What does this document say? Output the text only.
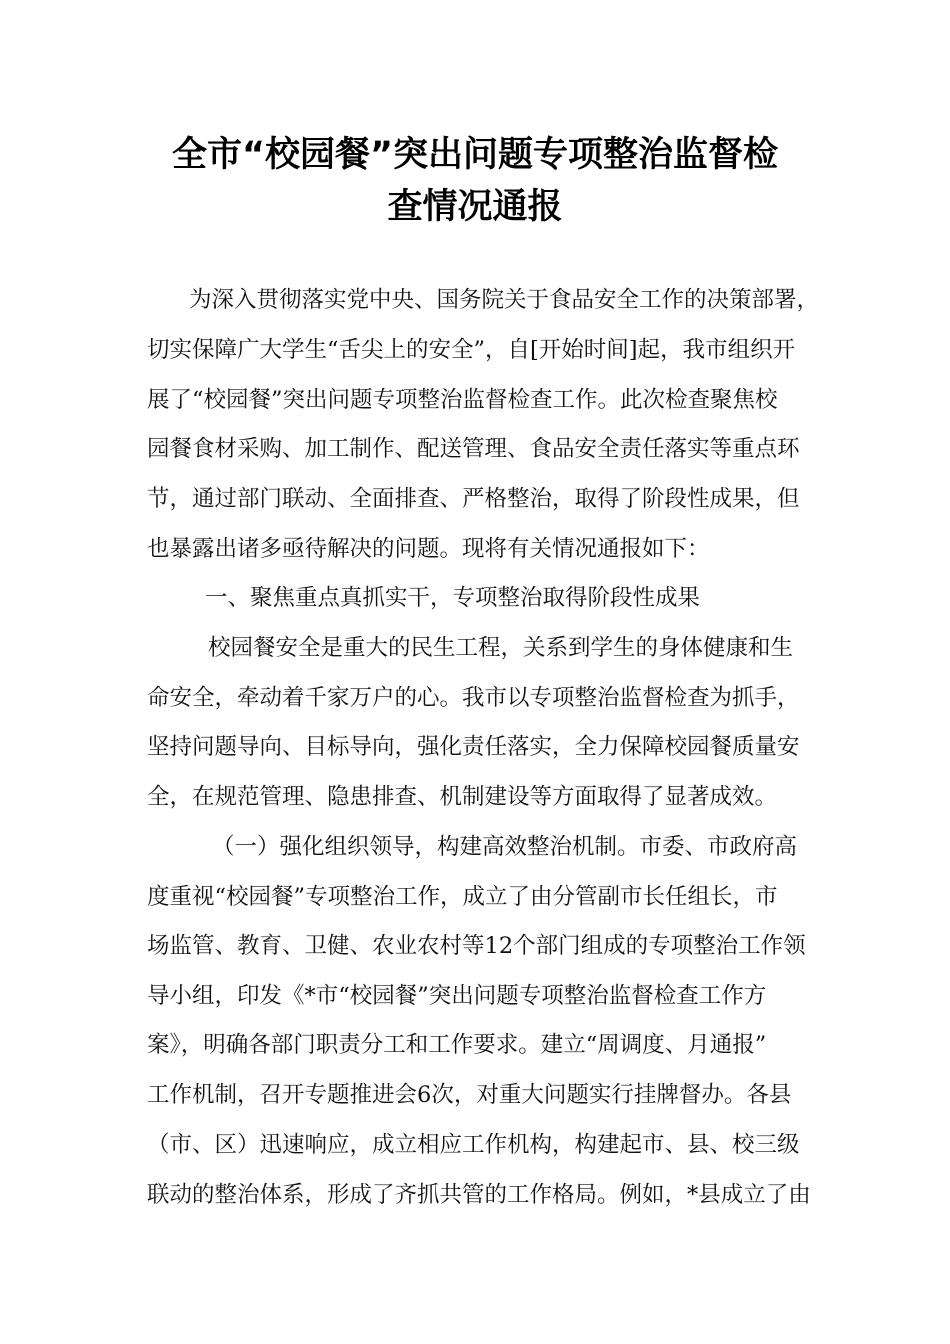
全市“校园餐”突出问题专项整治监督检
查情况通报
为深入贯彻落实党中央、国务院关于食品安全工作的决策部署，
切实保障广大学生“舌尖上的安全”，自[开始时间]起，我市组织开
展了“校园餐”突出问题专项整治监督检查工作。此次检查聚焦校
园餐食材采购、加工制作、配送管理、食品安全责任落实等重点环
节，通过部门联动、全面排查、严格整治，取得了阶段性成果，但
也暴露出诸多亟待解决的问题。现将有关情况通报如下：
一、聚焦重点真抓实干，专项整治取得阶段性成果
校园餐安全是重大的民生工程，关系到学生的身体健康和生
命安全，牵动着千家万户的心。我市以专项整治监督检查为抓手，
坚持问题导向、目标导向，强化责任落实，全力保障校园餐质量安
全，在规范管理、隐患排查、机制建设等方面取得了显著成效。
（一）强化组织领导，构建高效整治机制。市委、市政府高
度重视“校园餐”专项整治工作，成立了由分管副市长任组长，市
场监管、教育、卫健、农业农村等12个部门组成的专项整治工作领
导小组，印发《*市“校园餐”突出问题专项整治监督检查工作方
案》，明确各部门职责分工和工作要求。建立“周调度、月通报”
工作机制，召开专题推进会6次，对重大问题实行挂牌督办。各县
（市、区）迅速响应，成立相应工作机构，构建起市、县、校三级
联动的整治体系，形成了齐抓共管的工作格局。例如，*县成立了由
